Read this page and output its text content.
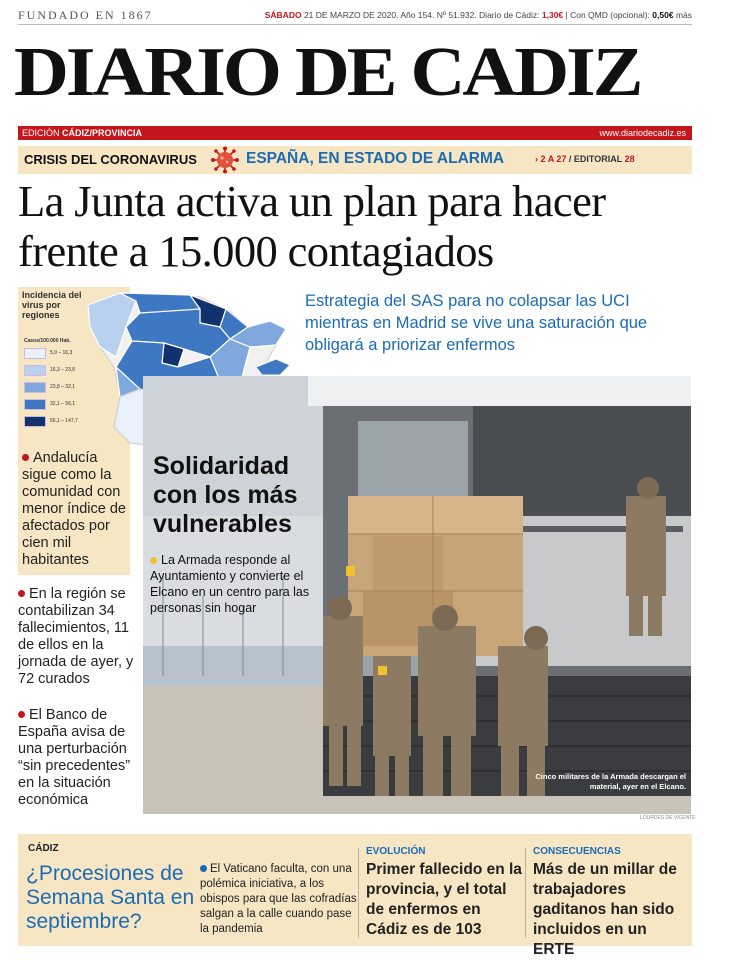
FUNDADO EN 1867	SÁBADO 21 DE MARZO DE 2020. Año 154. Nº 51.932. Diario de Cádiz: 1,30€ | Con QMD (opcional): 0,50€ más
DIARIO DE CADIZ
EDICIÓN CÁDIZ/PROVINCIA	www.diariodecadiz.es
CRISIS DEL CORONAVIRUS	ESPAÑA, EN ESTADO DE ALARMA	› 2 A 27 / EDITORIAL 28
La Junta activa un plan para hacer frente a 15.000 contagiados
Incidencia del virus por regiones
Casos/100.000 Hab.
5,9 – 16,3
16,3 – 23,8
23,8 – 32,1
32,1 – 56,1
56,1 – 147,7
Estrategia del SAS para no colapsar las UCI mientras en Madrid se vive una saturación que obligará a priorizar enfermos
Andalucía sigue como la comunidad con menor índice de afectados por cien mil habitantes
En la región se contabilizan 34 fallecimientos, 11 de ellos en la jornada de ayer, y 72 curados
El Banco de España avisa de una perturbación “sin precedentes” en la situación económica
Solidaridad con los más vulnerables
La Armada responde al Ayuntamiento y convierte el Elcano en un centro para las personas sin hogar
Cinco militares de la Armada descargan el material, ayer en el Elcano.
LOURDES DE VICENTE
CÁDIZ	EVOLUCIÓN	CONSECUENCIAS
¿Procesiones de Semana Santa en septiembre?
El Vaticano faculta, con una polémica iniciativa, a los obispos para que las cofradías salgan a la calle cuando pase la pandemia
Primer fallecido en la provincia, y el total de enfermos en Cádiz es de 103
Más de un millar de trabajadores gaditanos han sido incluidos en un ERTE
